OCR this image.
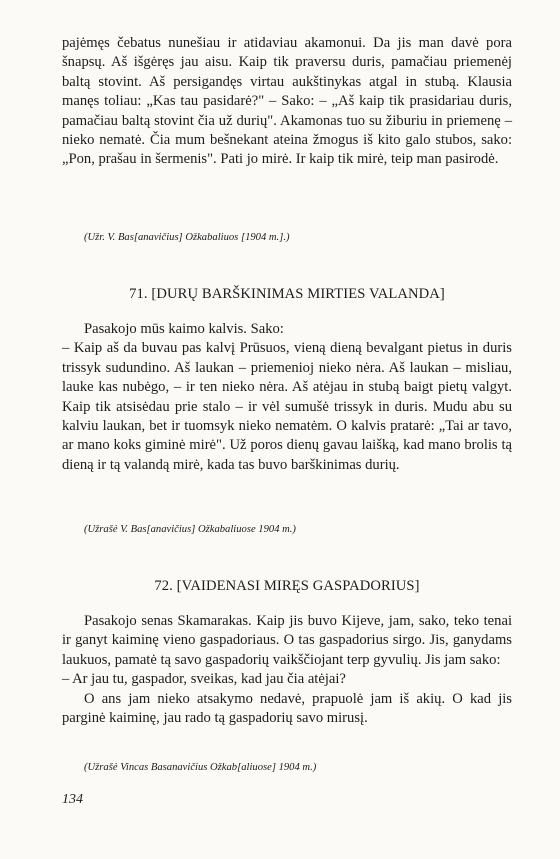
pajėmęs čebatus nunešiau ir atidaviau akamonui. Da jis man davė pora šnapsų. Aš išgėręs jau aisu. Kaip tik praversu duris, pamačiau priemenėj baltą stovint. Aš persigandęs virtau aukštinykas atgal in stubą. Klausia manęs toliau: „Kas tau pasidarė?" – Sako: – „Aš kaip tik prasidariau duris, pamačiau baltą stovint čia už durių". Akamonas tuo su žiburiu in priemenę – nieko nematė. Čia mum bešnekant ateina žmogus iš kito galo stubos, sako: „Pon, prašau in šermenis". Pati jo mirė. Ir kaip tik mirė, teip man pasirodė.

(Užr. V. Bas[anavičius] Ožkabaliuos [1904 m.].)

71. [DURŲ BARŠKINIMAS MIRTIES VALANDA]

Pasakojo mūs kaimo kalvis. Sako:

– Kaip aš da buvau pas kalvį Prūsuos, vieną dieną bevalgant pietus in duris trissyk sudundino. Aš laukan – priemenioj nieko nėra. Aš laukan – misliau, lauke kas nubėgo, – ir ten nieko nėra. Aš atėjau in stubą baigt pietų valgyt. Kaip tik atsisėdau prie stalo – ir vėl sumušė trissyk in duris. Mudu abu su kalviu laukan, bet ir tuomsyk nieko nematėm. O kalvis pratarė: „Tai ar tavo, ar mano koks giminė mirė". Už poros dienų gavau laišką, kad mano brolis tą dieną ir tą valandą mirė, kada tas buvo barškinimas durių.

(Užrašė V. Bas[anavičius] Ožkabaliuose 1904 m.)

72. [VAIDENASI MIRĘS GASPADORIUS]

Pasakojo senas Skamarakas. Kaip jis buvo Kijeve, jam, sako, teko tenai ir ganyt kaiminę vieno gaspadoriaus. O tas gaspadorius sirgo. Jis, ganydams laukuos, pamatė tą savo gaspadorių vaikščiojant terp gyvulių. Jis jam sako:

– Ar jau tu, gaspador, sveikas, kad jau čia atėjai?

O ans jam nieko atsakymo nedavė, prapuolė jam iš akių. O kad jis parginė kaiminę, jau rado tą gaspadorių savo mirusį.

(Užrašė Vincas Basanavičius Ožkab[aliuose] 1904 m.)

134
